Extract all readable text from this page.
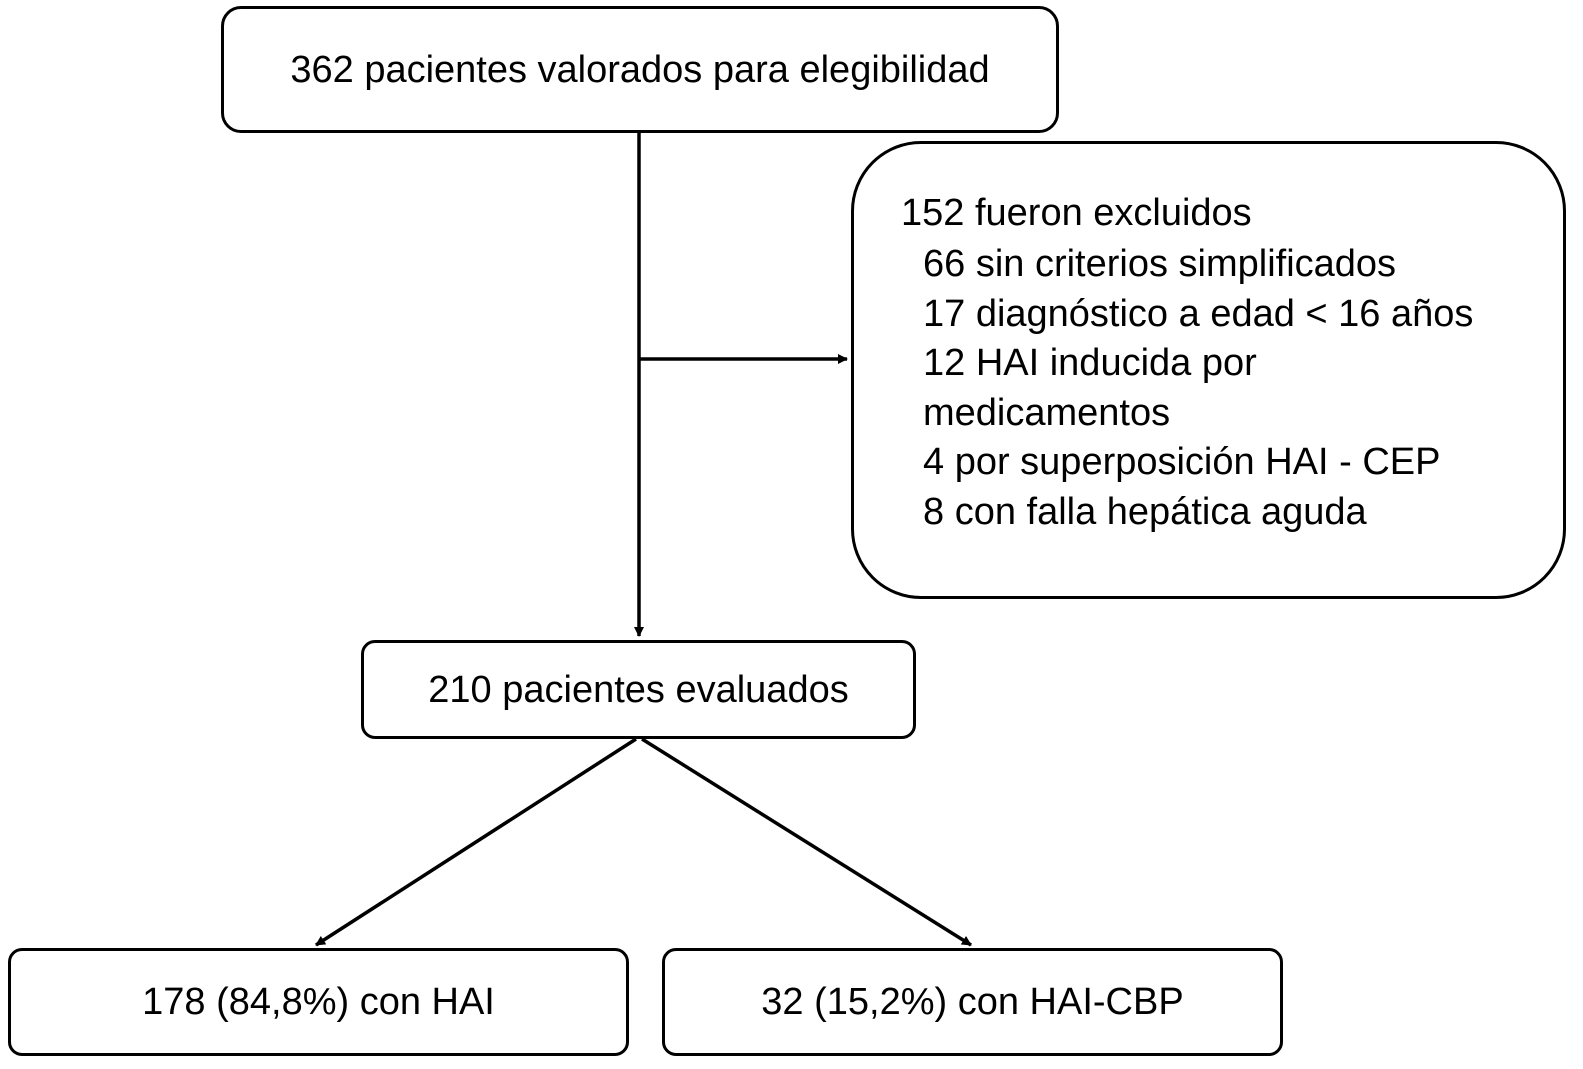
362 pacientes valorados para elegibilidad
152 fueron excluidos
66 sin criterios simplificados
17 diagnóstico a edad < 16 años
12 HAI inducida por medicamentos
4 por superposición HAI - CEP
8 con falla hepática aguda
210 pacientes evaluados
178 (84,8%) con HAI	32 (15,2%) con HAI-CBP
